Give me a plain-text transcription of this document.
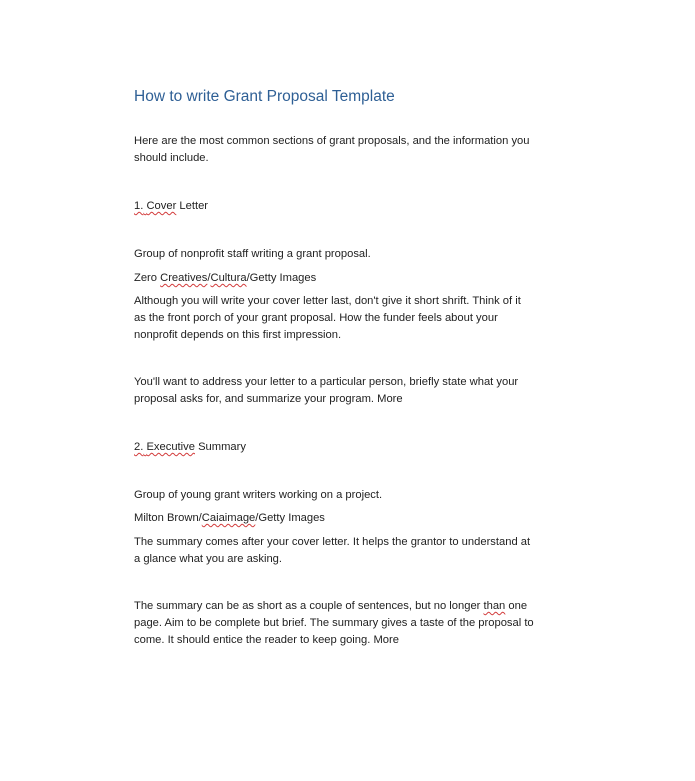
How to write Grant Proposal Template
Here are the most common sections of grant proposals, and the information you
should include.
1. Cover Letter
Group of nonprofit staff writing a grant proposal.
Zero Creatives/Cultura/Getty Images
Although you will write your cover letter last, don't give it short shrift. Think of it
as the front porch of your grant proposal. How the funder feels about your
nonprofit depends on this first impression.
You'll want to address your letter to a particular person, briefly state what your
proposal asks for, and summarize your program. More
2. Executive Summary
Group of young grant writers working on a project.
Milton Brown/Caiaimage/Getty Images
The summary comes after your cover letter. It helps the grantor to understand at
a glance what you are asking.
The summary can be as short as a couple of sentences, but no longer than one
page. Aim to be complete but brief. The summary gives a taste of the proposal to
come. It should entice the reader to keep going. More
